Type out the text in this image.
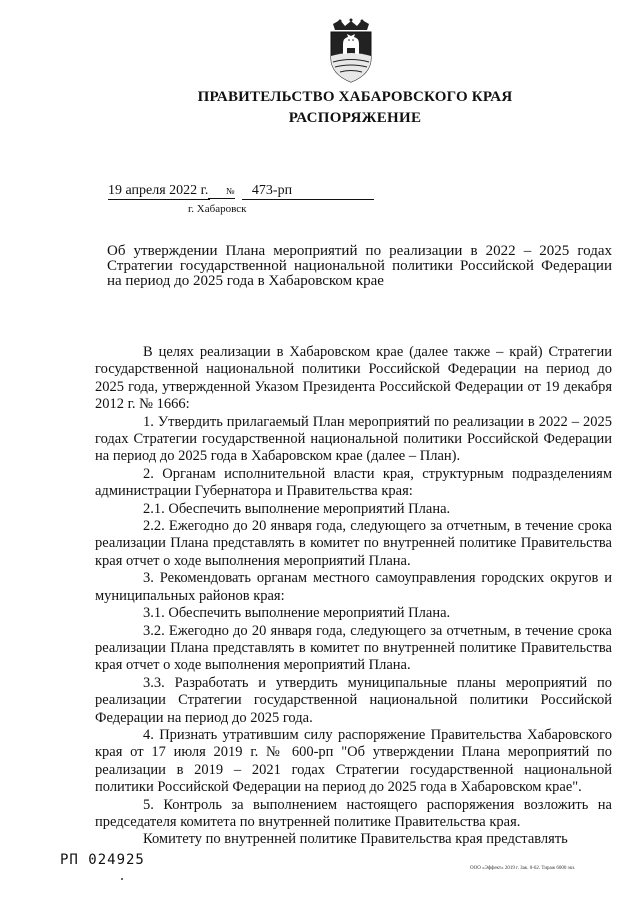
ПРАВИТЕЛЬСТВО ХАБАРОВСКОГО КРАЯ
РАСПОРЯЖЕНИЕ
19 апреля 2022 г. № 473-рп
г. Хабаровск
Об утверждении Плана мероприятий по реализации в 2022 – 2025 годах Стратегии государственной национальной политики Российской Федерации на период до 2025 года в Хабаровском крае

В целях реализации в Хабаровском крае (далее также – край) Стратегии государственной национальной политики Российской Федерации на период до 2025 года, утвержденной Указом Президента Российской Федерации от 19 декабря 2012 г. № 1666:

1. Утвердить прилагаемый План мероприятий по реализации в 2022 – 2025 годах Стратегии государственной национальной политики Российской Федерации на период до 2025 года в Хабаровском крае (далее – План).

2. Органам исполнительной власти края, структурным подразделениям администрации Губернатора и Правительства края:

2.1. Обеспечить выполнение мероприятий Плана.

2.2. Ежегодно до 20 января года, следующего за отчетным, в течение срока реализации Плана представлять в комитет по внутренней политике Правительства края отчет о ходе выполнения мероприятий Плана.

3. Рекомендовать органам местного самоуправления городских округов и муниципальных районов края:

3.1. Обеспечить выполнение мероприятий Плана.

3.2. Ежегодно до 20 января года, следующего за отчетным, в течение срока реализации Плана представлять в комитет по внутренней политике Правительства края отчет о ходе выполнения мероприятий Плана.

3.3. Разработать и утвердить муниципальные планы мероприятий по реализации Стратегии государственной национальной политики Российской Федерации на период до 2025 года.

4. Признать утратившим силу распоряжение Правительства Хабаровского края от 17 июля 2019 г. № 600-рп "Об утверждении Плана мероприятий по реализации в 2019 – 2021 годах Стратегии государственной национальной политики Российской Федерации на период до 2025 года в Хабаровском крае".

5. Контроль за выполнением настоящего распоряжения возложить на председателя комитета по внутренней политике Правительства края.

Комитету по внутренней политике Правительства края представлять

РП 024925
ООО «Эффект» 2019 г. Зак. 0-62. Тираж 6000 экз.
